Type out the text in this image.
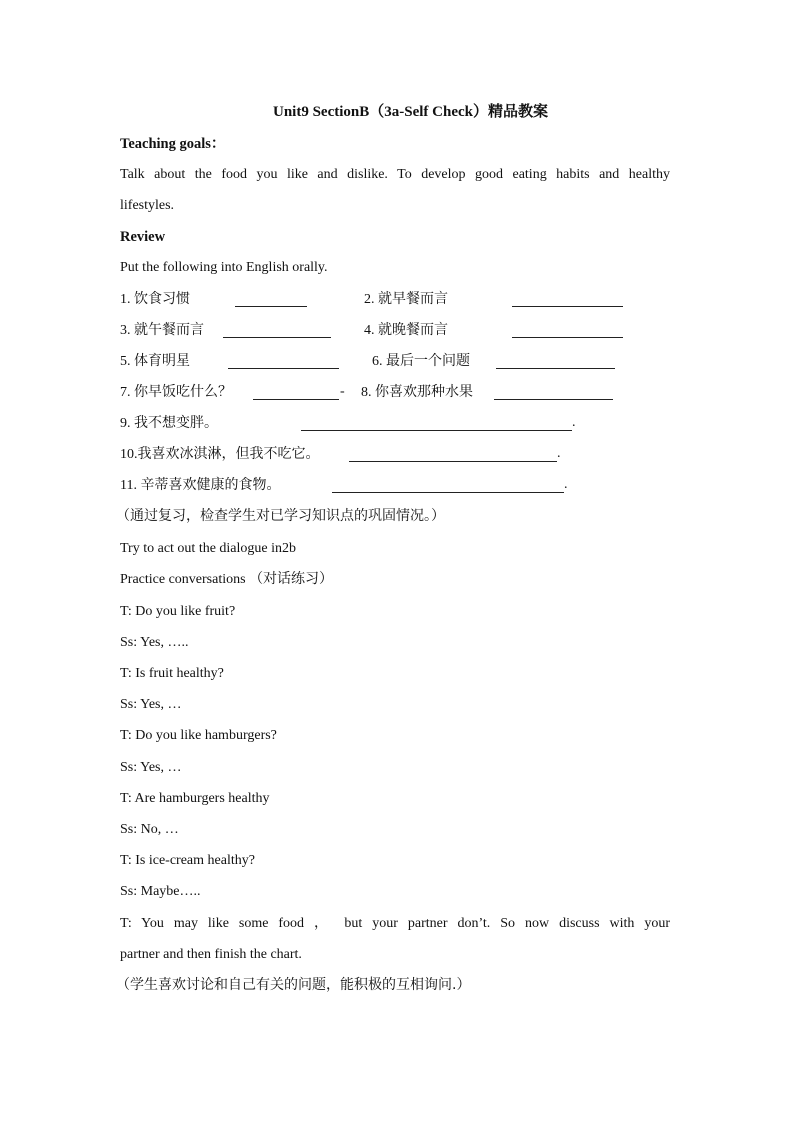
Unit9 SectionB（3a-Self Check）精品教案
Teaching goals：
Talk about the food you like and dislike. To develop good eating habits and healthy
lifestyles.
Review
Put the following into English orally.
1. 饮食习惯	2. 就早餐而言
3. 就午餐而言	4. 就晚餐而言
5. 体育明星	6. 最后一个问题
7. 你早饭吃什么？	- 8. 你喜欢那种水果
9. 我不想变胖。	.
10.我喜欢冰淇淋，但我不吃它。	.
11. 辛蒂喜欢健康的食物。	.
（通过复习，检查学生对已学习知识点的巩固情况。）
Try to act out the dialogue in2b
Practice conversations （对话练习）
T: Do you like fruit?
Ss: Yes, …..
T: Is fruit healthy?
Ss: Yes, …
T: Do you like hamburgers?
Ss: Yes, …
T: Are hamburgers healthy
Ss: No, …
T: Is ice-cream healthy?
Ss: Maybe…..
T: You may like some food ， but your partner don’t. So now discuss with your
partner and then finish the chart.
（学生喜欢讨论和自己有关的问题，能积极的互相询问.）
